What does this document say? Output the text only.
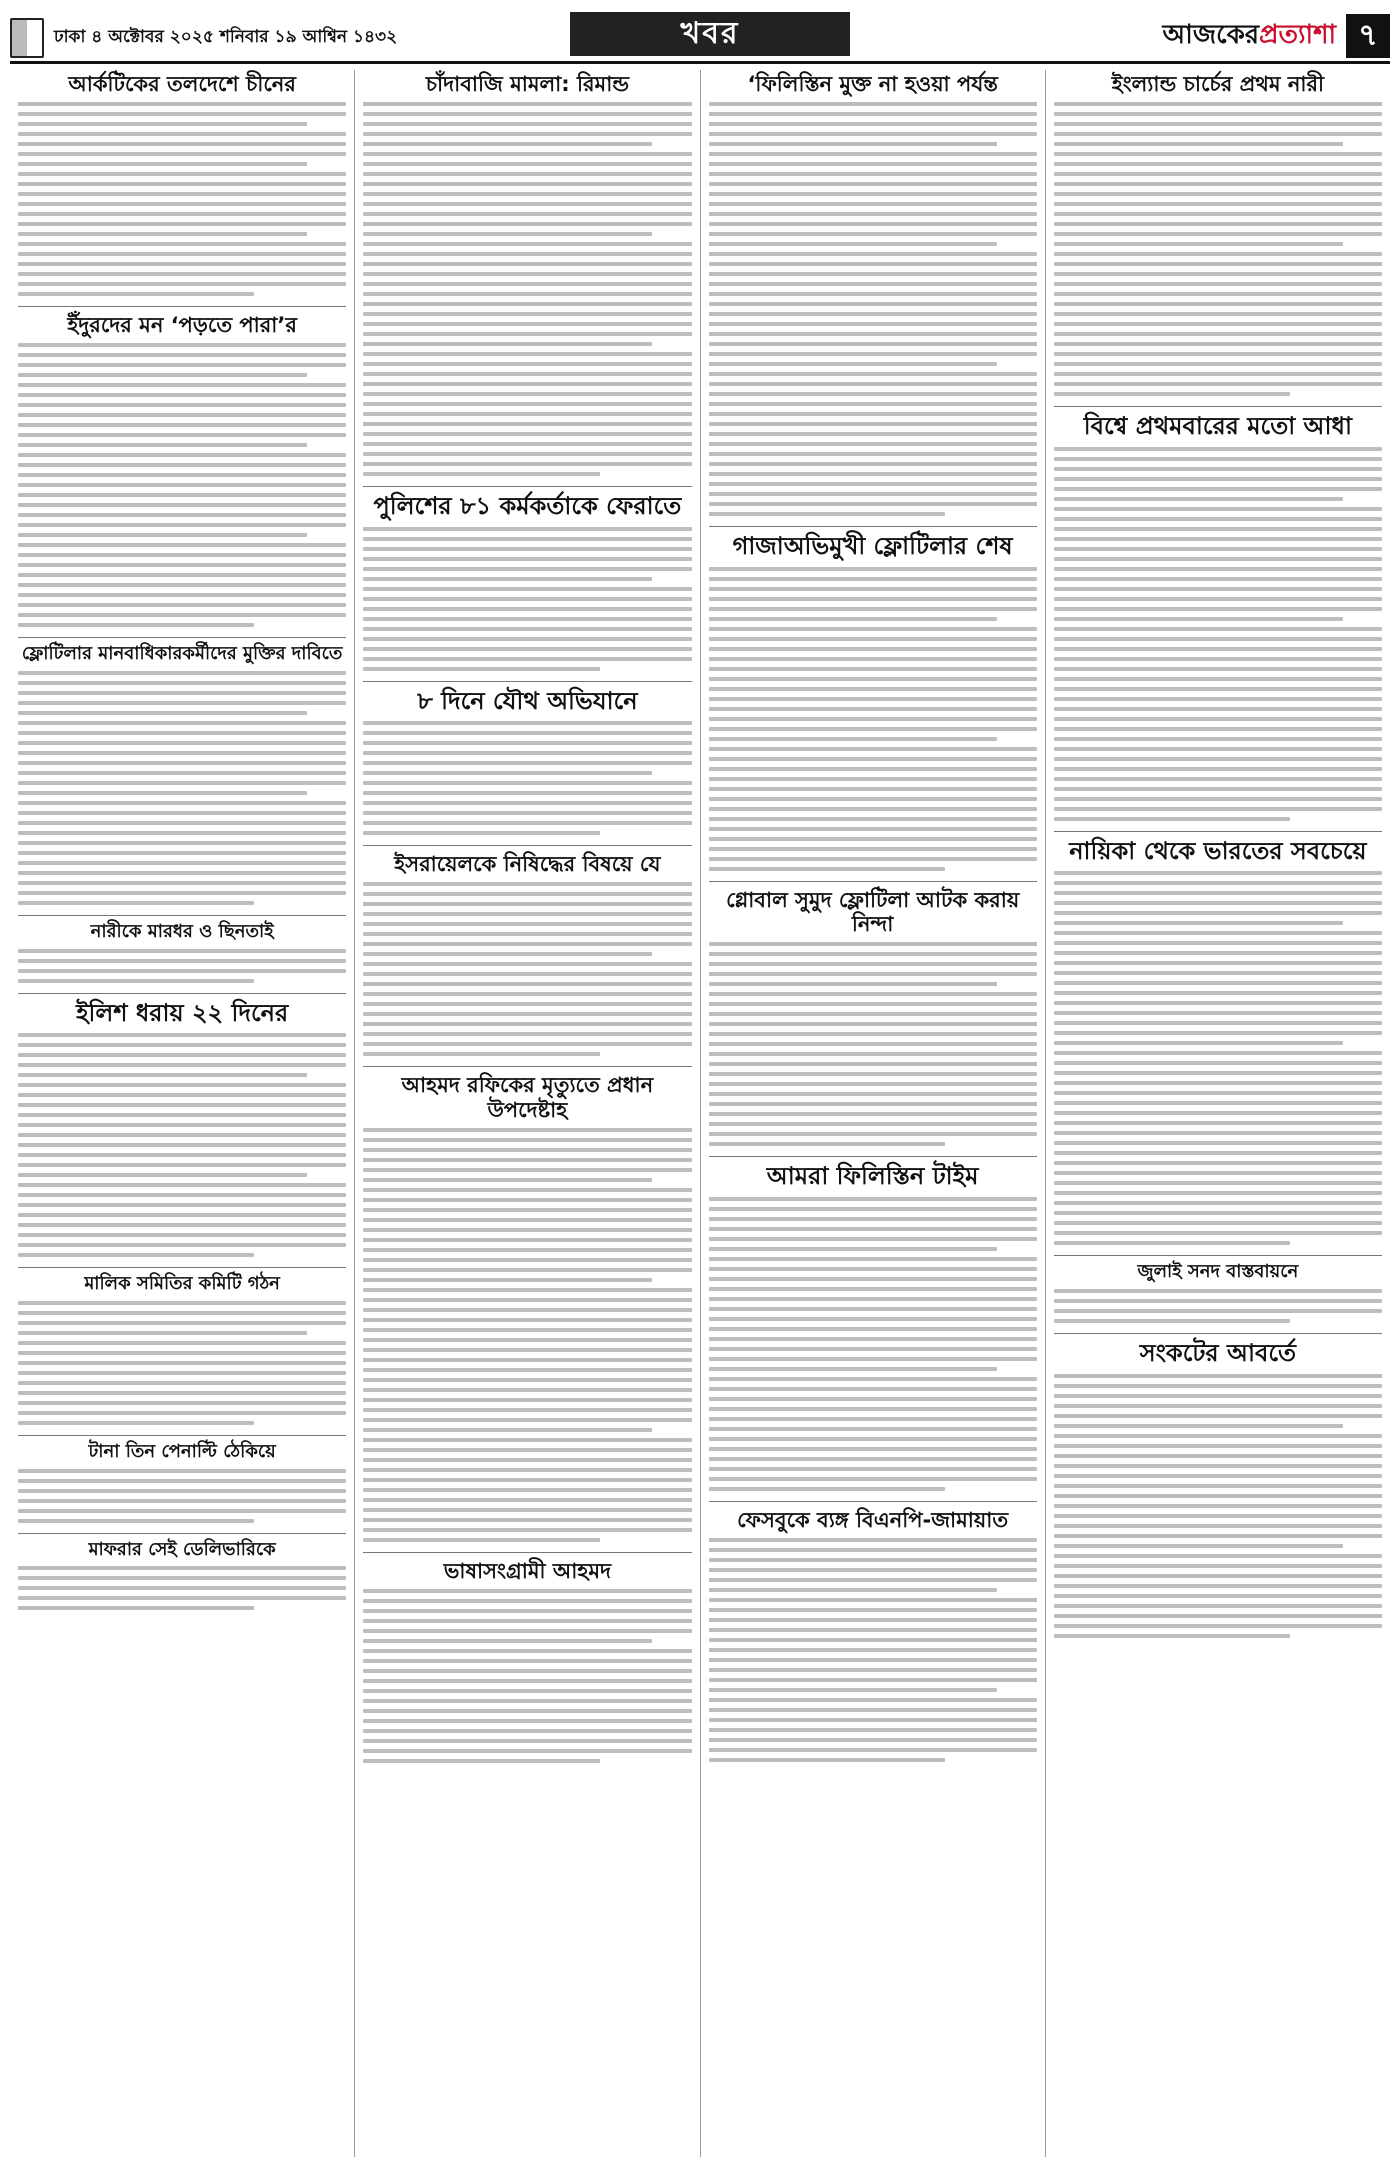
ঢাকা ৪ অক্টোবর ২০২৫ শনিবার ১৯ আশ্বিন ১৪৩২	খবর	আজকেরপ্রত্যাশা ৭
আর্কটিকের তলদেশে চীনের
ইঁদুরদের মন ‘পড়তে পারা’র
ফ্লোটিলার মানবাধিকারকর্মীদের মুক্তির দাবিতে
নারীকে মারধর ও ছিনতাই
ইলিশ ধরায় ২২ দিনের
মালিক সমিতির কমিটি গঠন
টানা তিন পেনাল্টি ঠেকিয়ে
মাফরার সেই ডেলিভারিকে
চাঁদাবাজি মামলা: রিমান্ড
পুলিশের ৮১ কর্মকর্তাকে ফেরাতে
৮ দিনে যৌথ অভিযানে
ইসরায়েলকে নিষিদ্ধের বিষয়ে যে
আহমদ রফিকের মৃত্যুতে প্রধান উপদেষ্টাহ
ভাষাসংগ্রামী আহমদ
‘ফিলিস্তিন মুক্ত না হওয়া পর্যন্ত
গাজাঅভিমুখী ফ্লোটিলার শেষ
গ্লোবাল সুমুদ ফ্লোটিলা আটক করায় নিন্দা
আমরা ফিলিস্তিন টাইম
ফেসবুকে ব্যঙ্গ বিএনপি-জামায়াত
ইংল্যান্ড চার্চের প্রথম নারী
বিশ্বে প্রথমবারের মতো আধা
নায়িকা থেকে ভারতের সবচেয়ে
জুলাই সনদ বাস্তবায়নে
সংকটের আবর্তে
